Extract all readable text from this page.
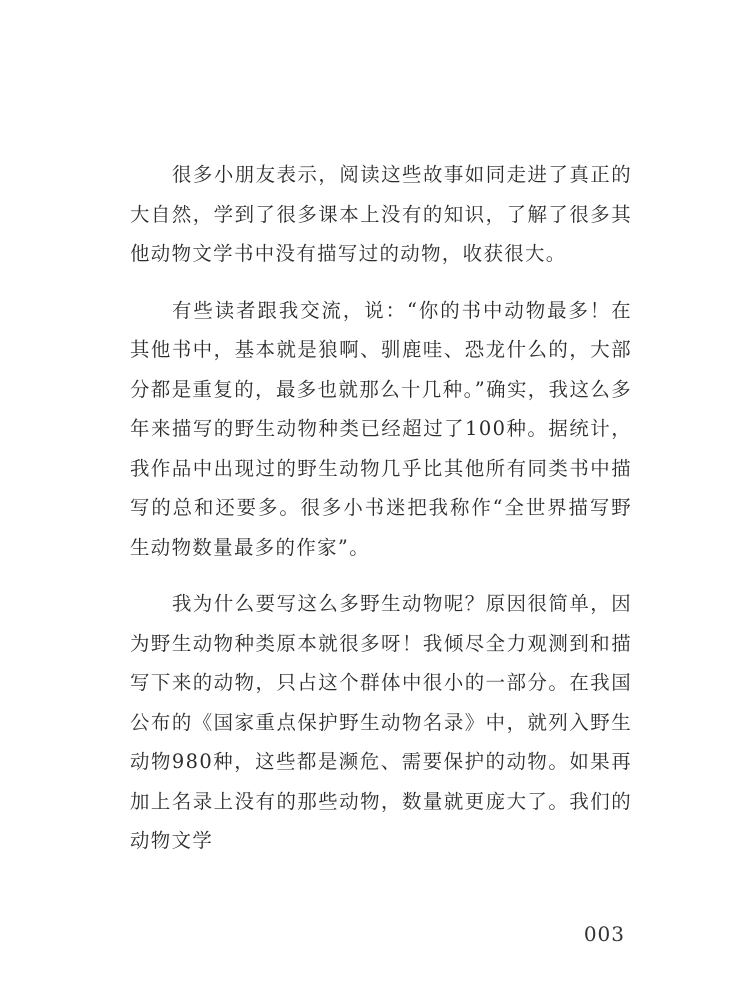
很多小朋友表示，阅读这些故事如同走进了真正的大自然，学到了很多课本上没有的知识，了解了很多其他动物文学书中没有描写过的动物，收获很大。

有些读者跟我交流，说：“你的书中动物最多！在其他书中，基本就是狼啊、驯鹿哇、恐龙什么的，大部分都是重复的，最多也就那么十几种。”确实，我这么多年来描写的野生动物种类已经超过了100种。据统计，我作品中出现过的野生动物几乎比其他所有同类书中描写的总和还要多。很多小书迷把我称作“全世界描写野生动物数量最多的作家”。

我为什么要写这么多野生动物呢？原因很简单，因为野生动物种类原本就很多呀！我倾尽全力观测到和描写下来的动物，只占这个群体中很小的一部分。在我国公布的《国家重点保护野生动物名录》中，就列入野生动物980种，这些都是濒危、需要保护的动物。如果再加上名录上没有的那些动物，数量就更庞大了。我们的动物文学

003
